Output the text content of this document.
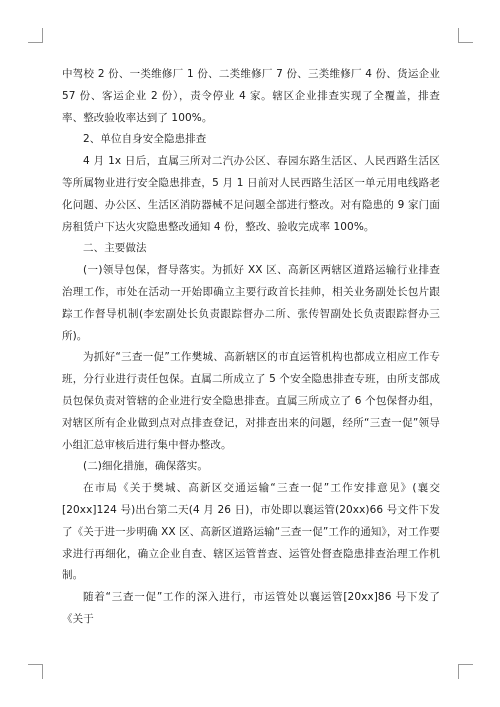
中驾校 2 份、一类维修厂 1 份、二类维修厂 7 份、三类维修厂 4 份、货运企业 57 份、客运企业 2 份），责令停业 4 家。辖区企业排查实现了全覆盖，排查率、整改验收率达到了 100%。

2、单位自身安全隐患排查

4 月 1x 日后，直属三所对二汽办公区、春园东路生活区、人民西路生活区等所属物业进行安全隐患排查，5 月 1 日前对人民西路生活区一单元用电线路老化问题、办公区、生活区消防器械不足问题全部进行整改。对有隐患的 9 家门面房租赁户下达火灾隐患整改通知 4 份，整改、验收完成率 100%。

二、主要做法

(一)领导包保，督导落实。为抓好 XX 区、高新区两辖区道路运输行业排查治理工作，市处在活动一开始即确立主要行政首长挂帅，相关业务副处长包片跟踪工作督导机制(李宏副处长负责跟踪督办二所、张传智副处长负责跟踪督办三所)。

为抓好“三查一促”工作樊城、高新辖区的市直运管机构也都成立相应工作专班，分行业进行责任包保。直属二所成立了 5 个安全隐患排查专班，由所支部成员包保负责对管辖的企业进行安全隐患排查。直属三所成立了 6 个包保督办组，对辖区所有企业做到点对点排查登记，对排查出来的问题，经所“三查一促”领导小组汇总审核后进行集中督办整改。

(二)细化措施，确保落实。

在市局《关于樊城、高新区交通运输“三查一促”工作安排意见》(襄交[20xx]124 号)出台第二天(4 月 26 日)，市处即以襄运管(20xx)66 号文件下发了《关于进一步明确 XX 区、高新区道路运输“三查一促”工作的通知》，对工作要求进行再细化，确立企业自查、辖区运管普查、运管处督查隐患排查治理工作机制。

随着“三查一促”工作的深入进行，市运管处以襄运管[20xx]86 号下发了《关于
